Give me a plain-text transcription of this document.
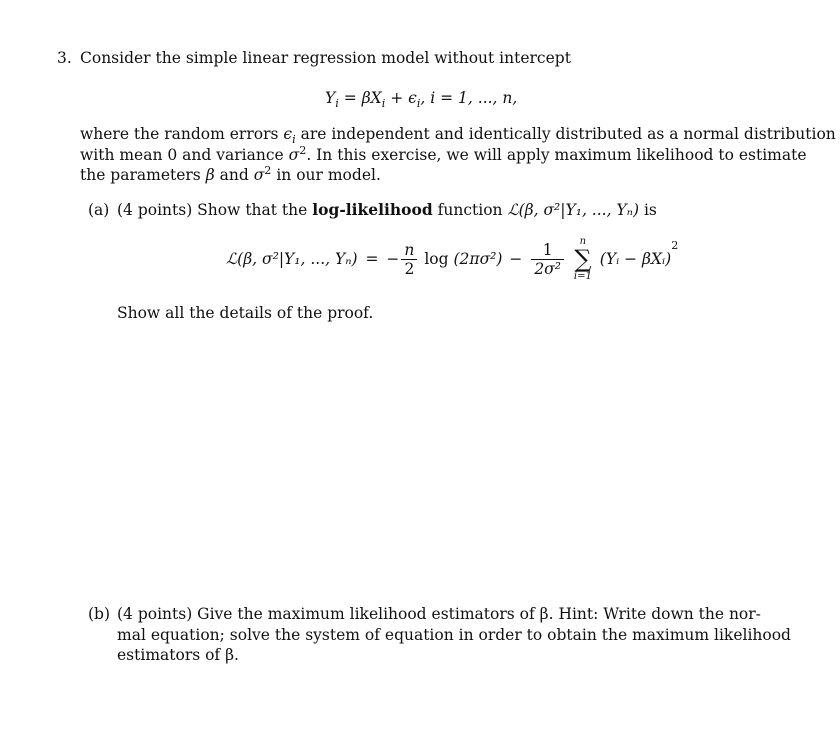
3. Consider the simple linear regression model without intercept
$Y_i = \beta X_i + \epsilon_i$, i = 1, ..., n,
where the random errors $\epsilon_i$ are independent and identically distributed as a normal distribution
with mean 0 and variance $\sigma^2$. In this exercise, we will apply maximum likelihood to estimate
the parameters β and $\sigma^2$ in our model.
(a) (4 points) Show that the log-likelihood function ℒ(β, σ²|Y₁, ..., Yₙ) is
ℒ(β, σ²|Y₁, ..., Yₙ) = − $\frac{n}{2}$ $\log (2\pi\sigma^2) - \frac{1}{\text{2σ²}}$
	n
∑
i=1
(Yᵢ − βXᵢ)$^2$
Show all the details of the proof.
(b) (4 points) Give the maximum likelihood estimators of β. Hint: Write down the nor-
mal equation; solve the system of equation in order to obtain the maximum likelihood
estimators of β.
